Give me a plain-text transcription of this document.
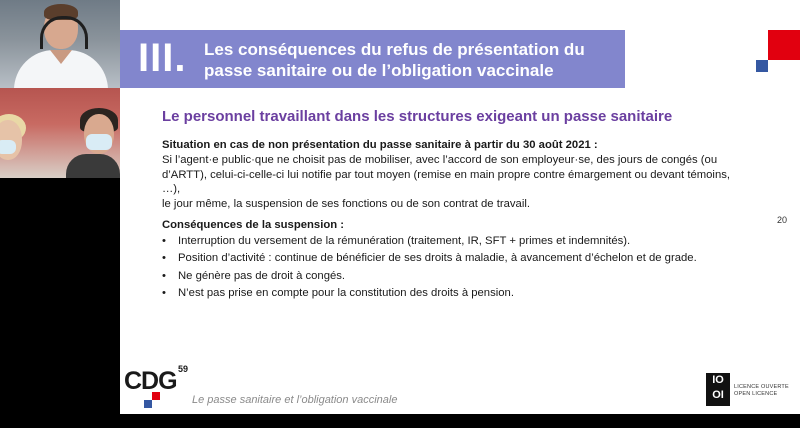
III. Les conséquences du refus de présentation du
passe sanitaire ou de l’obligation vaccinale
Le personnel travaillant dans les structures exigeant un passe sanitaire

Situation en cas de non présentation du passe sanitaire à partir du 30 août 2021 :

Si l’agent·e public·que ne choisit pas de mobiliser, avec l’accord de son employeur·se, des jours de congés (ou

d’ARTT), celui-ci-celle-ci lui notifie par tout moyen (remise en main propre contre émargement ou devant témoins,

…),

le jour même, la suspension de ses fonctions ou de son contrat de travail.

Conséquences de la suspension :

• Interruption du versement de la rémunération (traitement, IR, SFT + primes et indemnités).
• Position d’activité : continue de bénéficier de ses droits à maladie, à avancement d’échelon et de grade.
• Ne génère pas de droit à congés.
• N’est pas prise en compte pour la constitution des droits à pension.
20
CDG 59
Le passe sanitaire et l’obligation vaccinale
IO
OI
LICENCE OUVERTE
OPEN LICENCE
